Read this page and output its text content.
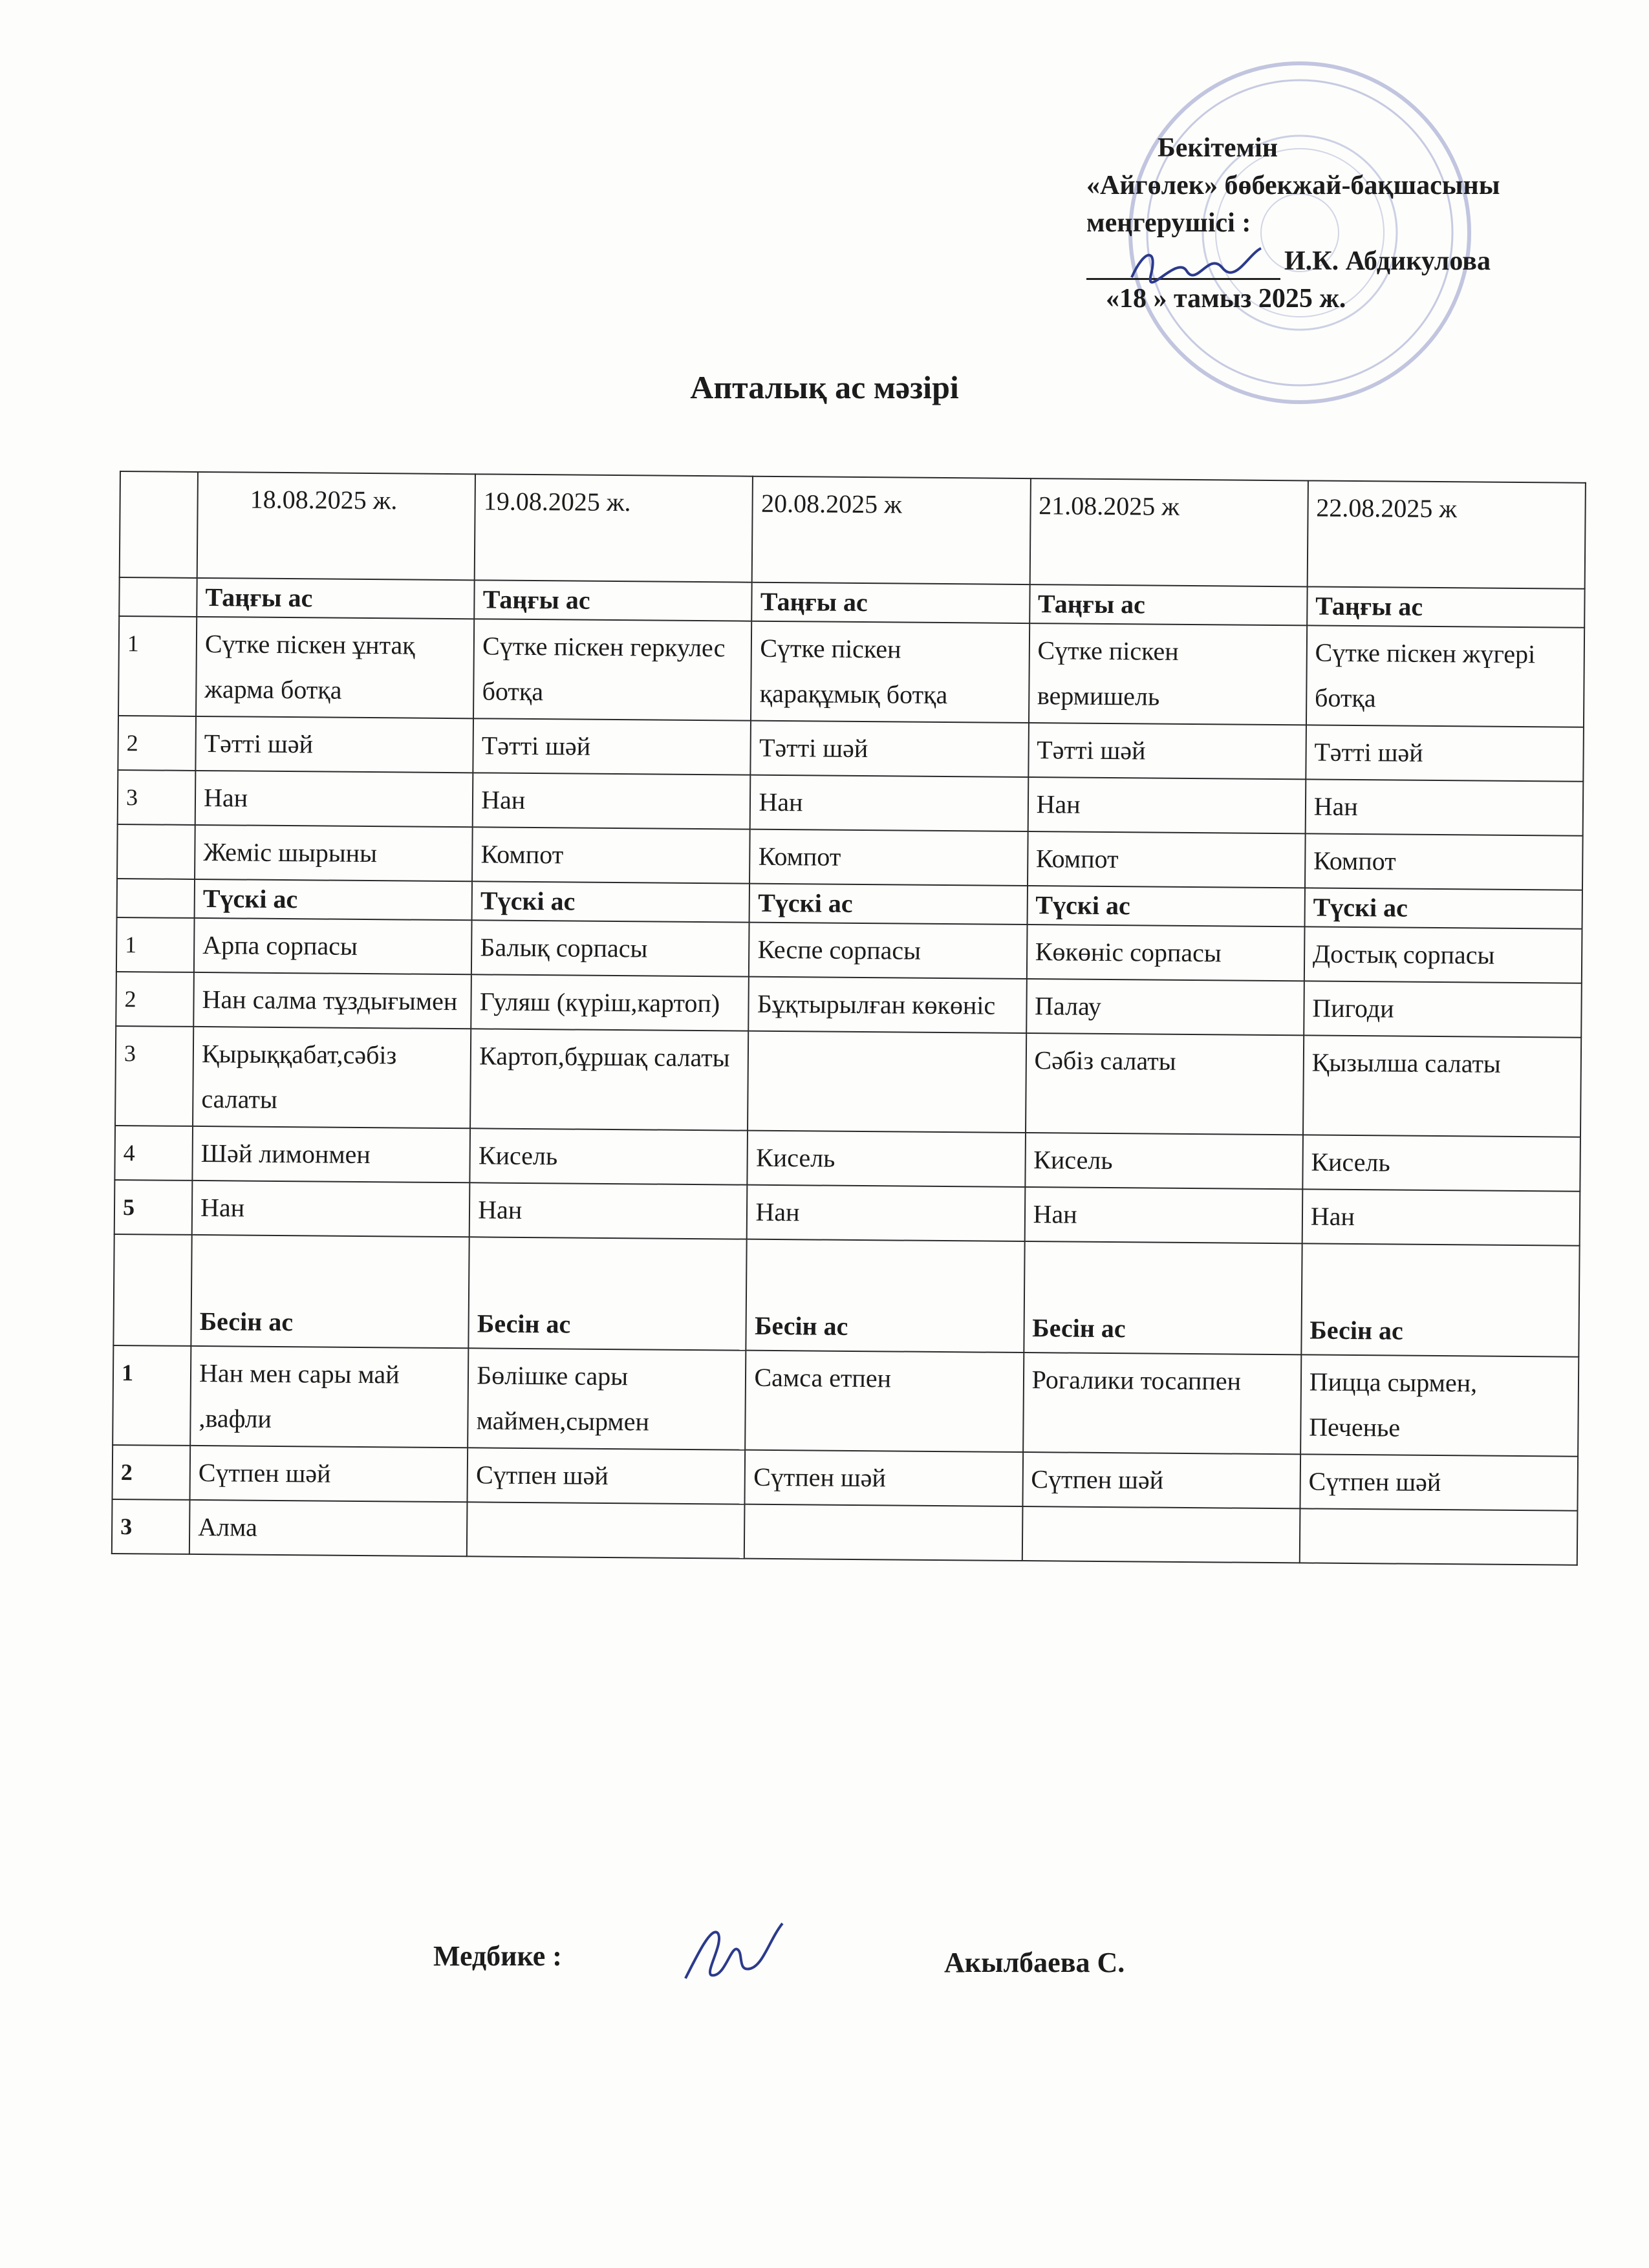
Бекітемін
«Айгөлек» бөбекжай-бақшасыны
меңгерушісі :
И.К. Абдикулова
«18 » тамыз 2025 ж.
Апталық ас мәзірі
	18.08.2025 ж.	19.08.2025 ж.	20.08.2025 ж	21.08.2025 ж	22.08.2025 ж
	Таңғы ас	Таңғы ас	Таңғы ас	Таңғы ас	Таңғы ас
1	Сүтке піскен ұнтақ жарма ботқа	Сүтке піскен геркулес ботқа	Сүтке піскен қарақұмық ботқа	Сүтке піскен вермишель	Сүтке піскен жүгері ботқа
2	Тәтті шәй	Тәтті шәй	Тәтті шәй	Тәтті шәй	Тәтті шәй
3	Нан	Нан	Нан	Нан	Нан
	Жеміс шырыны	Компот	Компот	Компот	Компот
	Түскі ас	Түскі ас	Түскі ас	Түскі ас	Түскі ас
1	Арпа сорпасы	Балық сорпасы	Кеспе сорпасы	Көкөніс сорпасы	Достық сорпасы
2	Нан салма тұздығымен	Гуляш (күріш,картоп)	Бұқтырылған көкөніс	Палау	Пигоди
3	Қырыққабат,сәбіз салаты	Картоп,бұршақ салаты		Сәбіз салаты	Қызылша салаты
4	Шәй лимонмен	Кисель	Кисель	Кисель	Кисель
5	Нан	Нан	Нан	Нан	Нан
	Бесін ас	Бесін ас	Бесін ас	Бесін ас	Бесін ас
1	Нан мен сары май ,вафли	Бөлішке сары маймен,сырмен	Самса етпен	Рогалики тосаппен	Пицца сырмен, Печенье
2	Сүтпен шәй	Сүтпен шәй	Сүтпен шәй	Сүтпен шәй	Сүтпен шәй
3	Алма				
Медбике :	Акылбаева С.
